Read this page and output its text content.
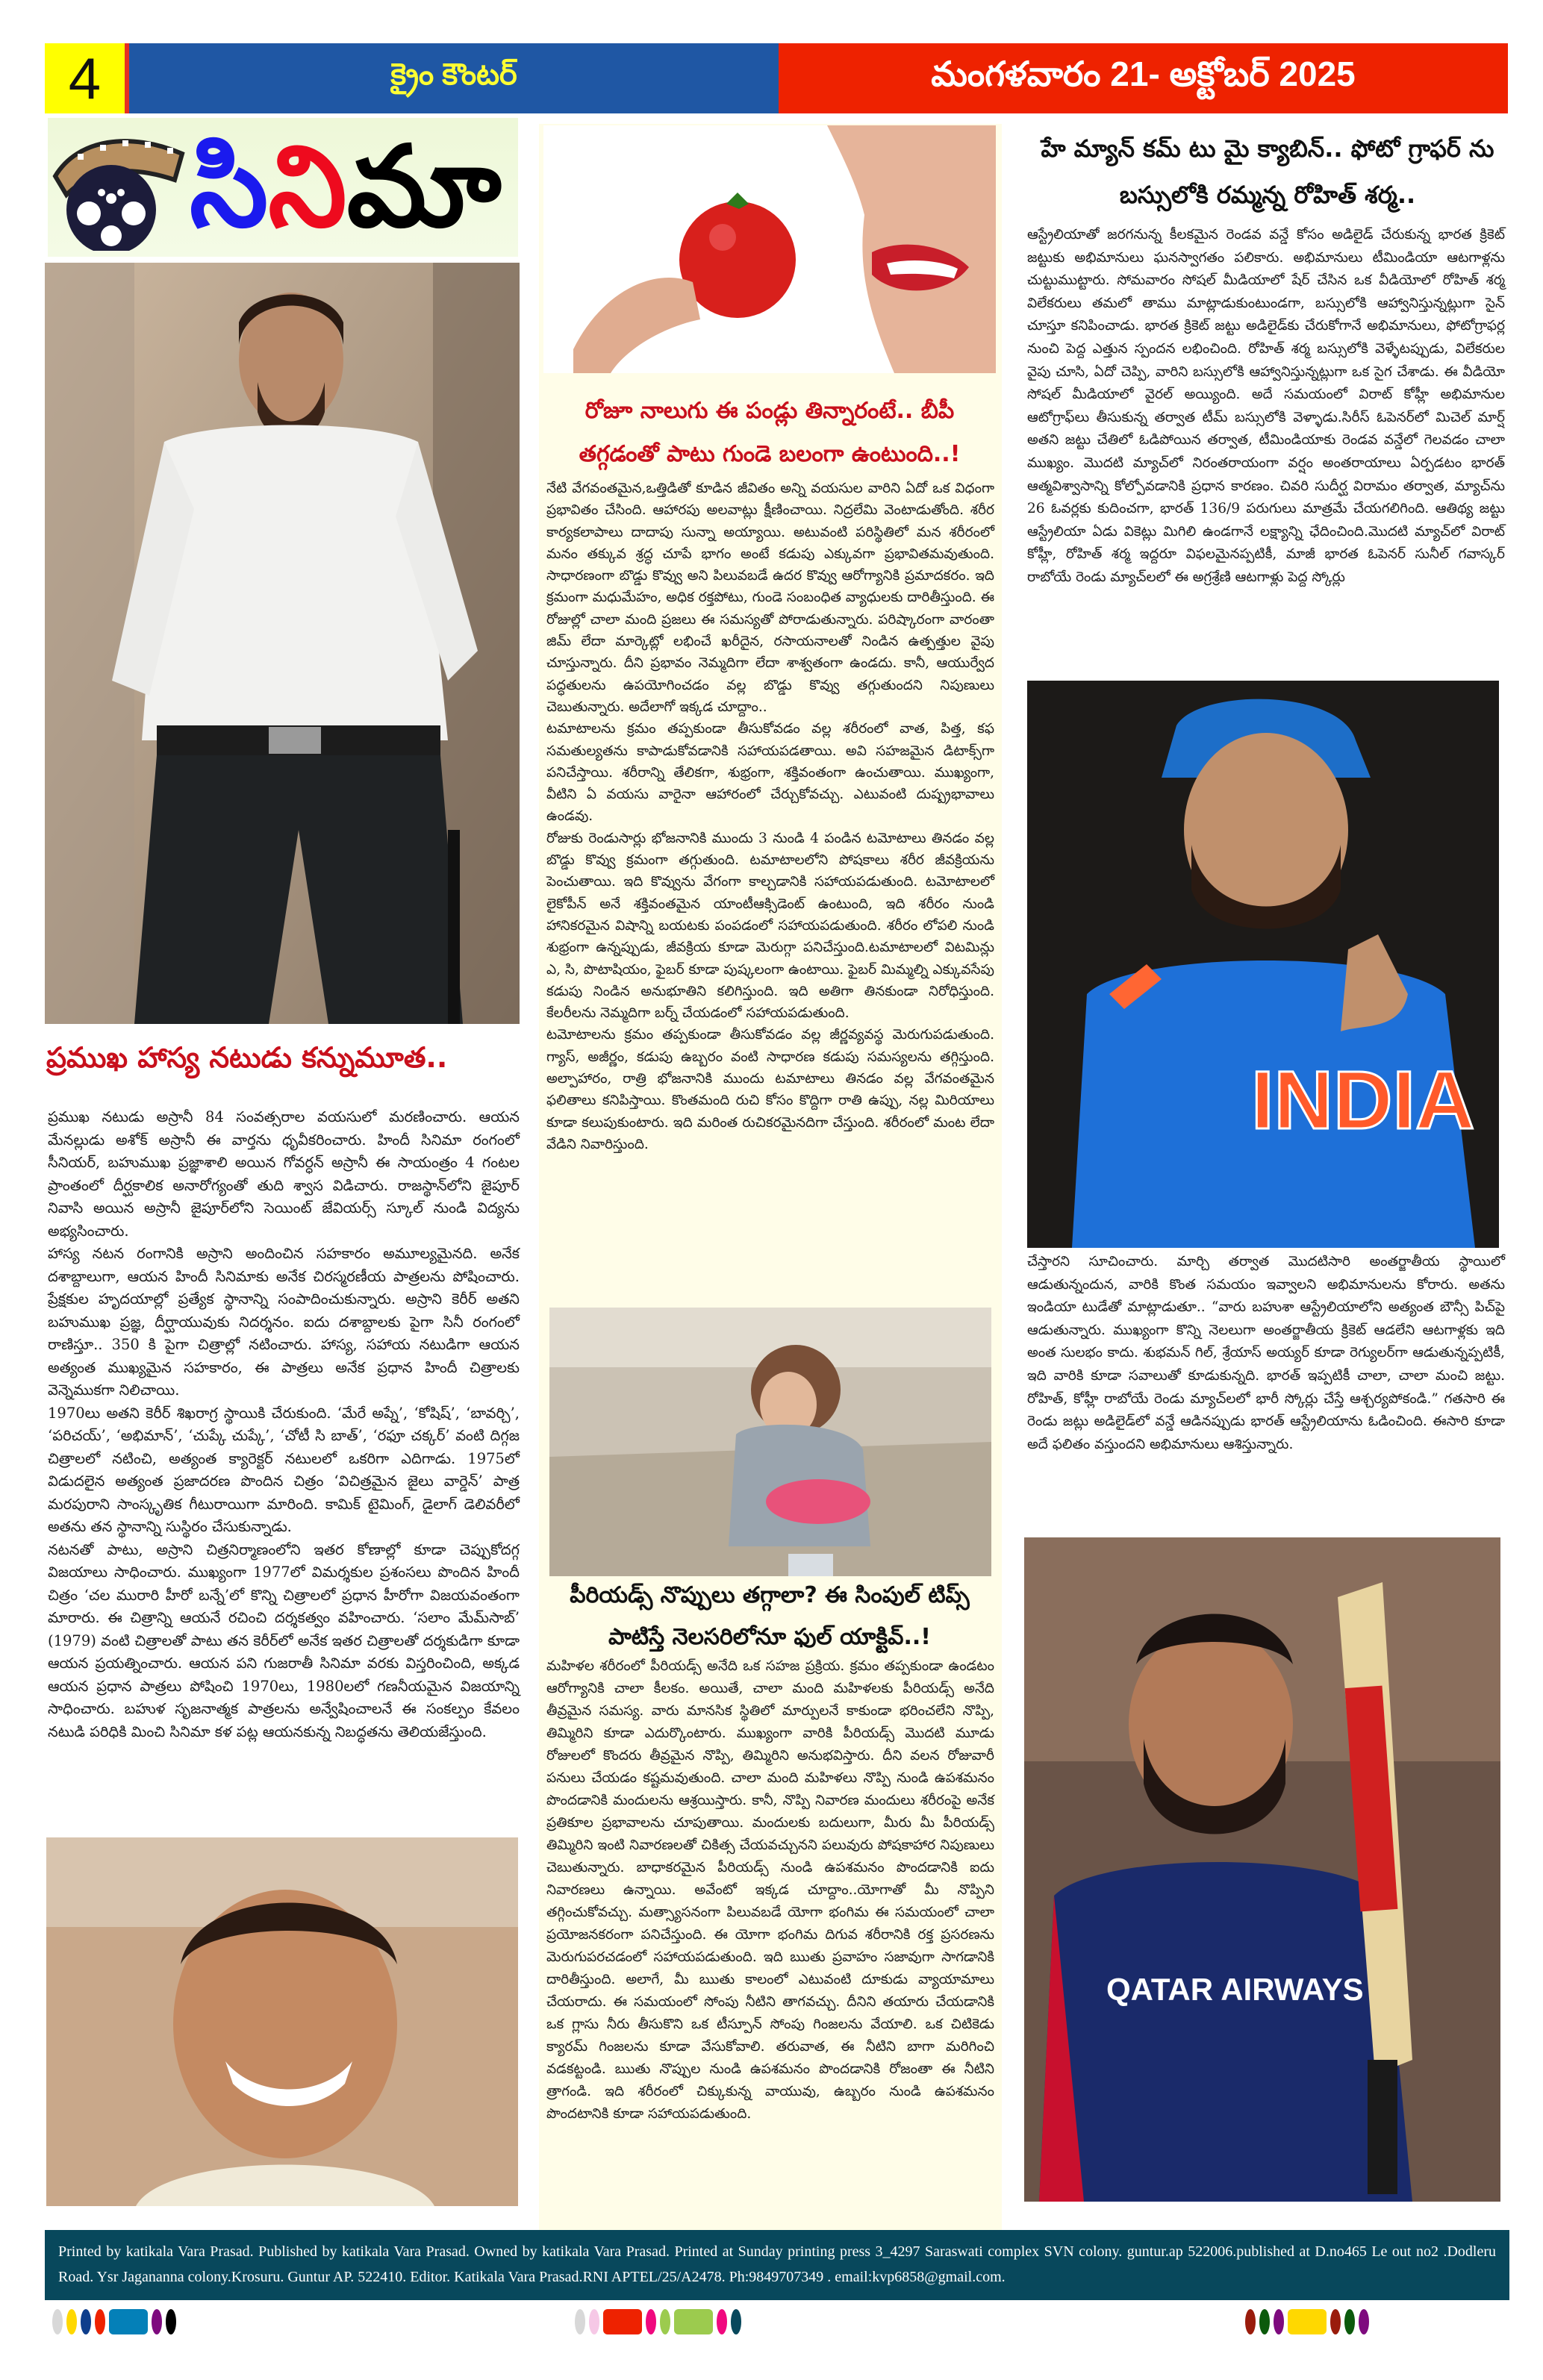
4	క్రైం కౌంటర్	మంగళవారం 21- అక్టోబర్ 2025
సి ని మా
ప్రముఖ హాస్య నటుడు కన్నుమూత..

ప్రముఖ నటుడు అస్రానీ 84 సంవత్సరాల వయసులో మరణించారు. ఆయన మేనల్లుడు అశోక్ అస్రానీ ఈ వార్తను ధృవీకరించారు. హిందీ సినిమా రంగంలో సీనియర్, బహుముఖ ప్రజ్ఞాశాలి అయిన గోవర్ధన్ అస్రానీ ఈ సాయంత్రం 4 గంటల ప్రాంతంలో దీర్ఘకాలిక అనారోగ్యంతో తుది శ్వాస విడిచారు. రాజస్థాన్‌లోని జైపూర్ నివాసి అయిన అస్రానీ జైపూర్‌లోని సెయింట్ జేవియర్స్ స్కూల్ నుండి విద్యను అభ్యసించారు.

హాస్య నటన రంగానికి అస్రాని అందించిన సహకారం అమూల్యమైనది. అనేక దశాబ్దాలుగా, ఆయన హిందీ సినిమాకు అనేక చిరస్మరణీయ పాత్రలను పోషించారు. ప్రేక్షకుల హృదయాల్లో ప్రత్యేక స్థానాన్ని సంపాదించుకున్నారు. అస్రాని కెరీర్ అతని బహుముఖ ప్రజ్ఞ, దీర్ఘాయువుకు నిదర్శనం. ఐదు దశాబ్దాలకు పైగా సినీ రంగంలో రాణిస్తూ.. 350 కి పైగా చిత్రాల్లో నటించారు. హాస్య, సహాయ నటుడిగా ఆయన అత్యంత ముఖ్యమైన సహకారం, ఈ పాత్రలు అనేక ప్రధాన హిందీ చిత్రాలకు వెన్నెముకగా నిలిచాయి.

1970లు అతని కెరీర్ శిఖరాగ్ర స్థాయికి చేరుకుంది. ‘మేరే అప్నే’, ‘కోషిష్’, ‘బావర్చి’, ‘పరిచయ్’, ‘అభిమాన్’, ‘చుప్కే చుప్కే’, ‘చోటీ సి బాత్’, ‘రఫూ చక్కర్’ వంటి దిగ్గజ చిత్రాలలో నటించి, అత్యంత క్యారెక్టర్ నటులలో ఒకరిగా ఎదిగాడు. 1975లో విడుదలైన అత్యంత ప్రజాదరణ పొందిన చిత్రం ‘విచిత్రమైన జైలు వార్డెన్’ పాత్ర మరపురాని సాంస్కృతిక గీటురాయిగా మారింది. కామిక్ టైమింగ్, డైలాగ్ డెలివరీలో అతను తన స్థానాన్ని సుస్థిరం చేసుకున్నాడు.

నటనతో పాటు, అస్రాని చిత్రనిర్మాణంలోని ఇతర కోణాల్లో కూడా చెప్పుకోదగ్గ విజయాలు సాధించారు. ముఖ్యంగా 1977లో విమర్శకుల ప్రశంసలు పొందిన హిందీ చిత్రం ‘చల మురారి హీరో బన్నే’లో కొన్ని చిత్రాలలో ప్రధాన హీరోగా విజయవంతంగా మారారు. ఈ చిత్రాన్ని ఆయనే రచించి దర్శకత్వం వహించారు. ‘సలాం మేమ్‌సాబ్’ (1979) వంటి చిత్రాలతో పాటు తన కెరీర్‌లో అనేక ఇతర చిత్రాలతో దర్శకుడిగా కూడా ఆయన ప్రయత్నించారు. ఆయన పని గుజరాతీ సినిమా వరకు విస్తరించింది, అక్కడ ఆయన ప్రధాన పాత్రలు పోషించి 1970లు, 1980లలో గణనీయమైన విజయాన్ని సాధించారు. బహుళ సృజనాత్మక పాత్రలను అన్వేషించాలనే ఈ సంకల్పం కేవలం నటుడి పరిధికి మించి సినిమా కళ పట్ల ఆయనకున్న నిబద్ధతను తెలియజేస్తుంది.

రోజూ నాలుగు ఈ పండ్లు తిన్నారంటే.. బీపీ తగ్గడంతో పాటు గుండె బలంగా ఉంటుంది..!

నేటి వేగవంతమైన,ఒత్తిడితో కూడిన జీవితం అన్ని వయసుల వారిని ఏదో ఒక విధంగా ప్రభావితం చేసింది. ఆహారపు అలవాట్లు క్షీణించాయి. నిద్రలేమి వెంటాడుతోంది. శరీర కార్యకలాపాలు దాదాపు సున్నా అయ్యాయి. అటువంటి పరిస్థితిలో మన శరీరంలో మనం తక్కువ శ్రద్ధ చూపే భాగం అంటే కడుపు ఎక్కువగా ప్రభావితమవుతుంది. సాధారణంగా బొడ్డు కొవ్వు అని పిలువబడే ఉదర కొవ్వు ఆరోగ్యానికి ప్రమాదకరం. ఇది క్రమంగా మధుమేహం, అధిక రక్తపోటు, గుండె సంబంధిత వ్యాధులకు దారితీస్తుంది. ఈ రోజుల్లో చాలా మంది ప్రజలు ఈ సమస్యతో పోరాడుతున్నారు. పరిష్కారంగా వారంతా జిమ్ లేదా మార్కెట్లో లభించే ఖరీదైన, రసాయనాలతో నిండిన ఉత్పత్తుల వైపు చూస్తున్నారు. దీని ప్రభావం నెమ్మదిగా లేదా శాశ్వతంగా ఉండదు. కానీ, ఆయుర్వేద పద్ధతులను ఉపయోగించడం వల్ల బొడ్డు కొవ్వు తగ్గుతుందని నిపుణులు చెబుతున్నారు. అదేలాగో ఇక్కడ చూద్దాం..

టమాటాలను క్రమం తప్పకుండా తీసుకోవడం వల్ల శరీరంలో వాత, పిత్త, కఫ సమతుల్యతను కాపాడుకోవడానికి సహాయపడతాయి. అవి సహజమైన డిటాక్స్‌గా పనిచేస్తాయి. శరీరాన్ని తేలికగా, శుభ్రంగా, శక్తివంతంగా ఉంచుతాయి. ముఖ్యంగా, వీటిని ఏ వయసు వారైనా ఆహారంలో చేర్చుకోవచ్చు. ఎటువంటి దుష్ప్రభావాలు ఉండవు.

రోజుకు రెండుసార్లు భోజనానికి ముందు 3 నుండి 4 పండిన టమోటాలు తినడం వల్ల బొడ్డు కొవ్వు క్రమంగా తగ్గుతుంది. టమాటాలలోని పోషకాలు శరీర జీవక్రియను పెంచుతాయి. ఇది కొవ్వును వేగంగా కాల్చడానికి సహాయపడుతుంది. టమోటాలలో లైకోపీన్ అనే శక్తివంతమైన యాంటీఆక్సిడెంట్ ఉంటుంది, ఇది శరీరం నుండి హానికరమైన విషాన్ని బయటకు పంపడంలో సహాయపడుతుంది. శరీరం లోపలి నుండి శుభ్రంగా ఉన్నప్పుడు, జీవక్రియ కూడా మెరుగ్గా పనిచేస్తుంది.టమాటాలలో విటమిన్లు ఎ, సి, పొటాషియం, ఫైబర్ కూడా పుష్కలంగా ఉంటాయి. ఫైబర్ మిమ్మల్ని ఎక్కువసేపు కడుపు నిండిన అనుభూతిని కలిగిస్తుంది. ఇది అతిగా తినకుండా నిరోధిస్తుంది. కేలరీలను నెమ్మదిగా బర్న్ చేయడంలో సహాయపడుతుంది.

టమోటాలను క్రమం తప్పకుండా తీసుకోవడం వల్ల జీర్ణవ్యవస్థ మెరుగుపడుతుంది. గ్యాస్, అజీర్ణం, కడుపు ఉబ్బరం వంటి సాధారణ కడుపు సమస్యలను తగ్గిస్తుంది. అల్పాహారం, రాత్రి భోజనానికి ముందు టమాటాలు తినడం వల్ల వేగవంతమైన ఫలితాలు కనిపిస్తాయి. కొంతమంది రుచి కోసం కొద్దిగా రాతి ఉప్పు, నల్ల మిరియాలు కూడా కలుపుకుంటారు. ఇది మరింత రుచికరమైనదిగా చేస్తుంది. శరీరంలో మంట లేదా వేడిని నివారిస్తుంది.

పీరియడ్స్ నొప్పులు తగ్గాలా? ఈ సింపుల్ టిప్స్ పాటిస్తే నెలసరిలోనూ ఫుల్ యాక్టివ్..!

మహిళల శరీరంలో పీరియడ్స్ అనేది ఒక సహజ ప్రక్రియ. క్రమం తప్పకుండా ఉండటం ఆరోగ్యానికి చాలా కీలకం. అయితే, చాలా మంది మహిళలకు పీరియడ్స్ అనేది తీవ్రమైన సమస్య. వారు మానసిక స్థితిలో మార్పులనే కాకుండా భరించలేని నొప్పి, తిమ్మిరిని కూడా ఎదుర్కొంటారు. ముఖ్యంగా వారికి పీరియడ్స్ మొదటి మూడు రోజులలో కొందరు తీవ్రమైన నొప్పి, తిమ్మిరిని అనుభవిస్తారు. దీని వలన రోజువారీ పనులు చేయడం కష్టమవుతుంది. చాలా మంది మహిళలు నొప్పి నుండి ఉపశమనం పొందడానికి మందులను ఆశ్రయిస్తారు. కానీ, నొప్పి నివారణ మందులు శరీరంపై అనేక ప్రతికూల ప్రభావాలను చూపుతాయి. మందులకు బదులుగా, మీరు మీ పీరియడ్స్ తిమ్మిరిని ఇంటి నివారణలతో చికిత్స చేయవచ్చునని పలువురు పోషకాహార నిపుణులు చెబుతున్నారు. బాధాకరమైన పీరియడ్స్ నుండి ఉపశమనం పొందడానికి ఐదు నివారణలు ఉన్నాయి. అవేంటో ఇక్కడ చూద్దాం..యోగాతో మీ నొప్పిని తగ్గించుకోవచ్చు. మత్స్యాసనంగా పిలువబడే యోగా భంగిమ ఈ సమయంలో చాలా ప్రయోజనకరంగా పనిచేస్తుంది. ఈ యోగా భంగిమ దిగువ శరీరానికి రక్త ప్రసరణను మెరుగుపరచడంలో సహాయపడుతుంది. ఇది ఋతు ప్రవాహం సజావుగా సాగడానికి దారితీస్తుంది. అలాగే, మీ ఋతు కాలంలో ఎటువంటి దూకుడు వ్యాయామాలు చేయరాదు. ఈ సమయంలో సోంపు నీటిని తాగవచ్చు. దీనిని తయారు చేయడానికి ఒక గ్లాసు నీరు తీసుకొని ఒక టీస్పూన్ సోంపు గింజలను వేయాలి. ఒక చిటికెడు క్యారమ్ గింజలను కూడా వేసుకోవాలి. తరువాత, ఈ నీటిని బాగా మరిగించి వడకట్టండి. ఋతు నొప్పుల నుండి ఉపశమనం పొందడానికి రోజంతా ఈ నీటిని త్రాగండి. ఇది శరీరంలో చిక్కుకున్న వాయువు, ఉబ్బరం నుండి ఉపశమనం పొందటానికి కూడా సహాయపడుతుంది.

హే మ్యాన్ కమ్ టు మై క్యాబిన్.. ఫోటో గ్రాఫర్ ను బస్సులోకి రమ్మన్న రోహిత్ శర్మ..

ఆస్ట్రేలియాతో జరగనున్న కీలకమైన రెండవ వన్డే కోసం అడిలైడ్ చేరుకున్న భారత క్రికెట్ జట్టుకు అభిమానులు ఘనస్వాగతం పలికారు. అభిమానులు టీమిండియా ఆటగాళ్లను చుట్టుముట్టారు. సోమవారం సోషల్ మీడియాలో షేర్ చేసిన ఒక వీడియోలో రోహిత్ శర్మ విలేకరులు తమలో తాము మాట్లాడుకుంటుండగా, బస్సులోకి ఆహ్వానిస్తున్నట్లుగా సైన్ చూస్తూ కనిపించాడు. భారత క్రికెట్ జట్టు అడిలైడ్‌కు చేరుకోగానే అభిమానులు, ఫోటోగ్రాఫర్ల నుంచి పెద్ద ఎత్తున స్పందన లభించింది. రోహిత్ శర్మ బస్సులోకి వెళ్ళేటప్పుడు, విలేకరుల వైపు చూసి, ఏదో చెప్పి, వారిని బస్సులోకి ఆహ్వానిస్తున్నట్లుగా ఒక సైగ చేశాడు. ఈ వీడియో సోషల్ మీడియాలో వైరల్ అయ్యింది. అదే సమయంలో విరాట్ కోహ్లీ అభిమానుల ఆటోగ్రాఫ్‌లు తీసుకున్న తర్వాత టీమ్ బస్సులోకి వెళ్ళాడు.సిరీస్ ఓపెనర్‌లో మిచెల్ మార్ష్ అతని జట్టు చేతిలో ఓడిపోయిన తర్వాత, టీమిండియాకు రెండవ వన్డేలో గెలవడం చాలా ముఖ్యం. మొదటి మ్యాచ్‌లో నిరంతరాయంగా వర్షం అంతరాయాలు ఏర్పడటం భారత్ ఆత్మవిశ్వాసాన్ని కోల్పోవడానికి ప్రధాన కారణం. చివరి సుదీర్ఘ విరామం తర్వాత, మ్యాచ్‌ను 26 ఓవర్లకు కుదించగా, భారత్ 136/9 పరుగులు మాత్రమే చేయగలిగింది. ఆతిథ్య జట్టు ఆస్ట్రేలియా ఏడు వికెట్లు మిగిలి ఉండగానే లక్ష్యాన్ని ఛేదించింది.మొదటి మ్యాచ్‌లో విరాట్ కోహ్లీ, రోహిత్ శర్మ ఇద్దరూ విఫలమైనప్పటికీ, మాజీ భారత ఓపెనర్ సునీల్ గవాస్కర్ రాబోయే రెండు మ్యాచ్‌లలో ఈ అగ్రశ్రేణి ఆటగాళ్లు పెద్ద స్కోర్లు

INDIA

చేస్తారని సూచించారు. మార్చి తర్వాత మొదటిసారి అంతర్జాతీయ స్థాయిలో ఆడుతున్నందున, వారికి కొంత సమయం ఇవ్వాలని అభిమానులను కోరారు. అతను ఇండియా టుడేతో మాట్లాడుతూ.. “వారు బహుశా ఆస్ట్రేలియాలోని అత్యంత బౌన్సీ పిచ్‌పై ఆడుతున్నారు. ముఖ్యంగా కొన్ని నెలలుగా అంతర్జాతీయ క్రికెట్ ఆడలేని ఆటగాళ్లకు ఇది అంత సులభం కాదు. శుభమన్ గిల్, శ్రేయాస్ అయ్యర్ కూడా రెగ్యులర్‌గా ఆడుతున్నప్పటికీ, ఇది వారికి కూడా సవాలుతో కూడుకున్నది. భారత్ ఇప్పటికీ చాలా, చాలా మంచి జట్టు. రోహిత్, కోహ్లీ రాబోయే రెండు మ్యాచ్‌లలో భారీ స్కోర్లు చేస్తే ఆశ్చర్యపోకండి.” గతసారి ఈ రెండు జట్లు అడిలైడ్‌లో వన్డే ఆడినప్పుడు భారత్ ఆస్ట్రేలియాను ఓడించింది. ఈసారి కూడా అదే ఫలితం వస్తుందని అభిమానులు ఆశిస్తున్నారు.

QATAR AIRWAYS
Printed by katikala Vara Prasad. Published by katikala Vara Prasad. Owned by katikala Vara Prasad. Printed at Sunday printing press 3_4297 Saraswati complex SVN colony. guntur.ap 522006.published at D.no465 Le out no2 .Dodleru Road. Ysr Jagananna colony.Krosuru. Guntur AP. 522410. Editor. Katikala Vara Prasad.RNI APTEL/25/A2478. Ph:9849707349 . email:kvp6858@gmail.com.
